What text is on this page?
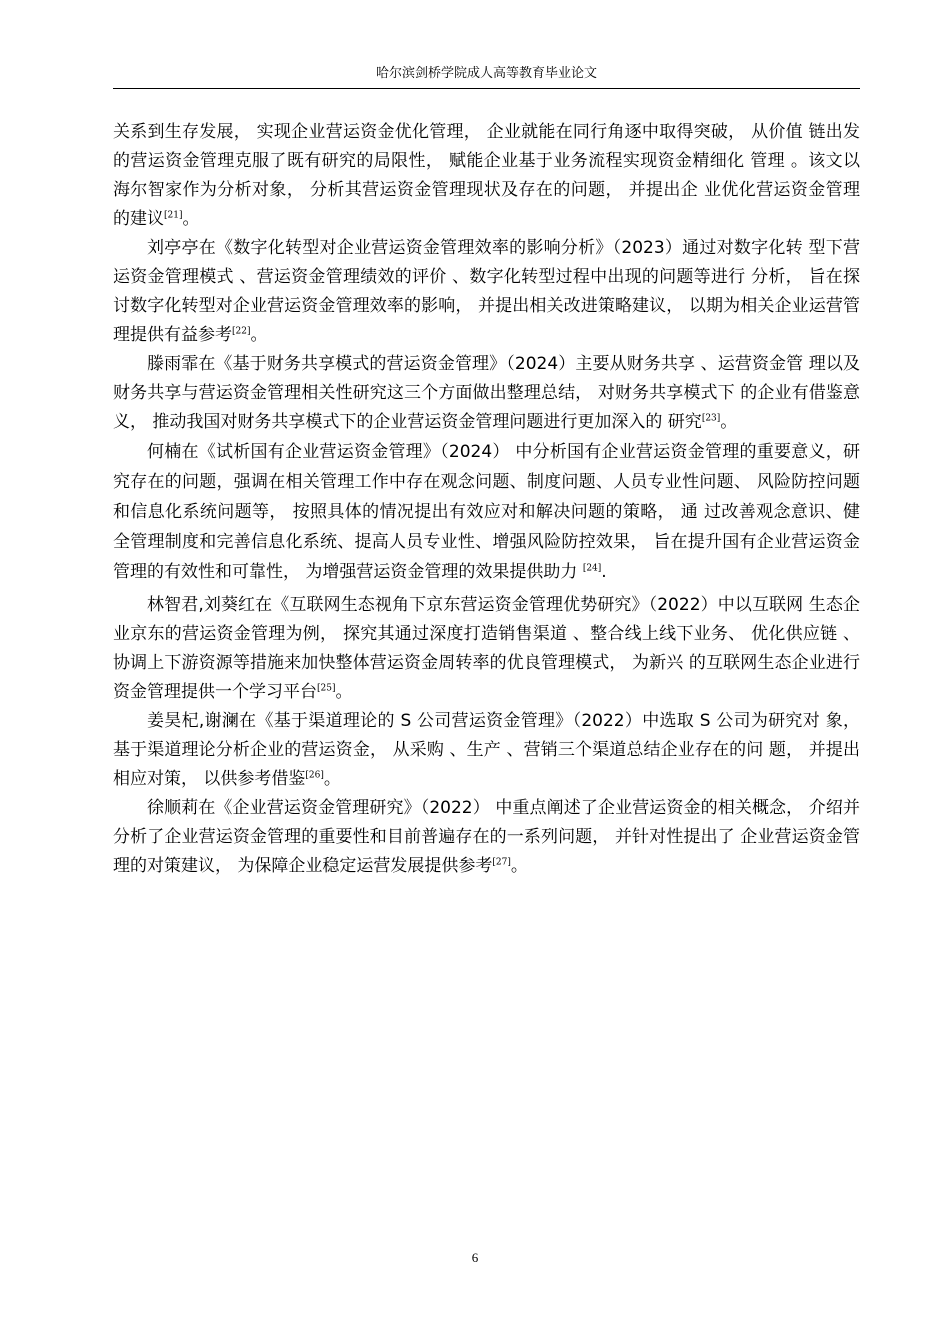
哈尔滨剑桥学院成人高等教育毕业论文

关系到生存发展， 实现企业营运资金优化管理， 企业就能在同行角逐中取得突破， 从价值 链出发的营运资金管理克服了既有研究的局限性， 赋能企业基于业务流程实现资金精细化 管理 。该文以海尔智家作为分析对象， 分析其营运资金管理现状及存在的问题， 并提出企 业优化营运资金管理的建议[21]。

刘亭亭在《数字化转型对企业营运资金管理效率的影响分析》（2023）通过对数字化转 型下营运资金管理模式 、营运资金管理绩效的评价 、数字化转型过程中出现的问题等进行 分析， 旨在探讨数字化转型对企业营运资金管理效率的影响， 并提出相关改进策略建议， 以期为相关企业运营管理提供有益参考[22]。

滕雨霏在《基于财务共享模式的营运资金管理》（2024）主要从财务共享 、运营资金管 理以及财务共享与营运资金管理相关性研究这三个方面做出整理总结， 对财务共享模式下 的企业有借鉴意义， 推动我国对财务共享模式下的企业营运资金管理问题进行更加深入的 研究[23]。

何楠在《试析国有企业营运资金管理》（2024） 中分析国有企业营运资金管理的重要意义，研究存在的问题，强调在相关管理工作中存在观念问题、制度问题、人员专业性问题、 风险防控问题和信息化系统问题等， 按照具体的情况提出有效应对和解决问题的策略， 通 过改善观念意识、健全管理制度和完善信息化系统、提高人员专业性、增强风险防控效果， 旨在提升国有企业营运资金管理的有效性和可靠性， 为增强营运资金管理的效果提供助力 [24].

林智君,刘葵红在《互联网生态视角下京东营运资金管理优势研究》（2022）中以互联网 生态企业京东的营运资金管理为例， 探究其通过深度打造销售渠道 、整合线上线下业务、 优化供应链 、协调上下游资源等措施来加快整体营运资金周转率的优良管理模式， 为新兴 的互联网生态企业进行资金管理提供一个学习平台[25]。

姜昊杞,谢澜在《基于渠道理论的 S 公司营运资金管理》（2022）中选取 S 公司为研究对 象， 基于渠道理论分析企业的营运资金， 从采购 、生产 、营销三个渠道总结企业存在的问 题， 并提出相应对策， 以供参考借鉴[26]。

徐顺莉在《企业营运资金管理研究》（2022） 中重点阐述了企业营运资金的相关概念， 介绍并分析了企业营运资金管理的重要性和目前普遍存在的一系列问题， 并针对性提出了 企业营运资金管理的对策建议， 为保障企业稳定运营发展提供参考[27]。

6
